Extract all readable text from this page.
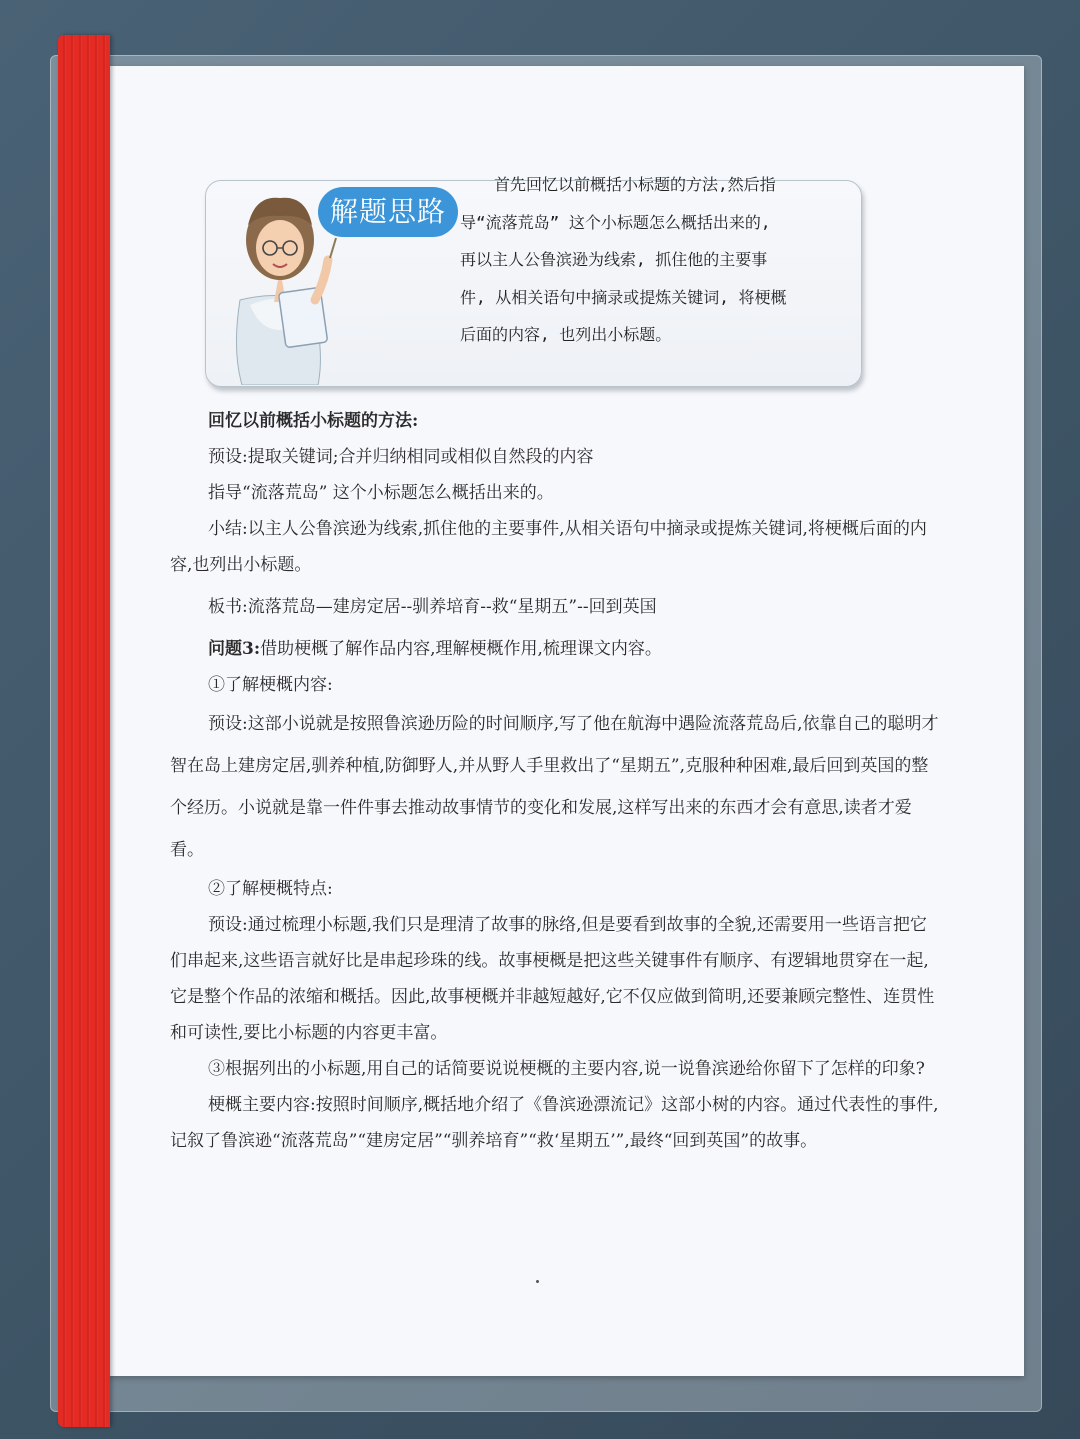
解题思路
首先回忆以前概括小标题的方法,然后指
导“流落荒岛” 这个小标题怎么概括出来的,
再以主人公鲁滨逊为线索, 抓住他的主要事
件, 从相关语句中摘录或提炼关键词, 将梗概
后面的内容, 也列出小标题。

回忆以前概括小标题的方法:

预设:提取关键词;合并归纳相同或相似自然段的内容

指导“流落荒岛” 这个小标题怎么概括出来的。

小结:以主人公鲁滨逊为线索,抓住他的主要事件,从相关语句中摘录或提炼关键词,将梗概后面的内容,也列出小标题。

板书:流落荒岛—建房定居--驯养培育--救“星期五”--回到英国

问题3:借助梗概了解作品内容,理解梗概作用,梳理课文内容。

①了解梗概内容:

预设:这部小说就是按照鲁滨逊历险的时间顺序,写了他在航海中遇险流落荒岛后,依靠自己的聪明才智在岛上建房定居,驯养种植,防御野人,并从野人手里救出了“星期五”,克服种种困难,最后回到英国的整个经历。小说就是靠一件件事去推动故事情节的变化和发展,这样写出来的东西才会有意思,读者才爱看。

②了解梗概特点:

预设:通过梳理小标题,我们只是理清了故事的脉络,但是要看到故事的全貌,还需要用一些语言把它们串起来,这些语言就好比是串起珍珠的线。故事梗概是把这些关键事件有顺序、有逻辑地贯穿在一起,它是整个作品的浓缩和概括。因此,故事梗概并非越短越好,它不仅应做到简明,还要兼顾完整性、连贯性和可读性,要比小标题的内容更丰富。

③根据列出的小标题,用自己的话简要说说梗概的主要内容,说一说鲁滨逊给你留下了怎样的印象?

梗概主要内容:按照时间顺序,概括地介绍了《鲁滨逊漂流记》这部小树的内容。通过代表性的事件,记叙了鲁滨逊“流落荒岛”“建房定居”“驯养培育”“救‘星期五’”,最终“回到英国”的故事。
